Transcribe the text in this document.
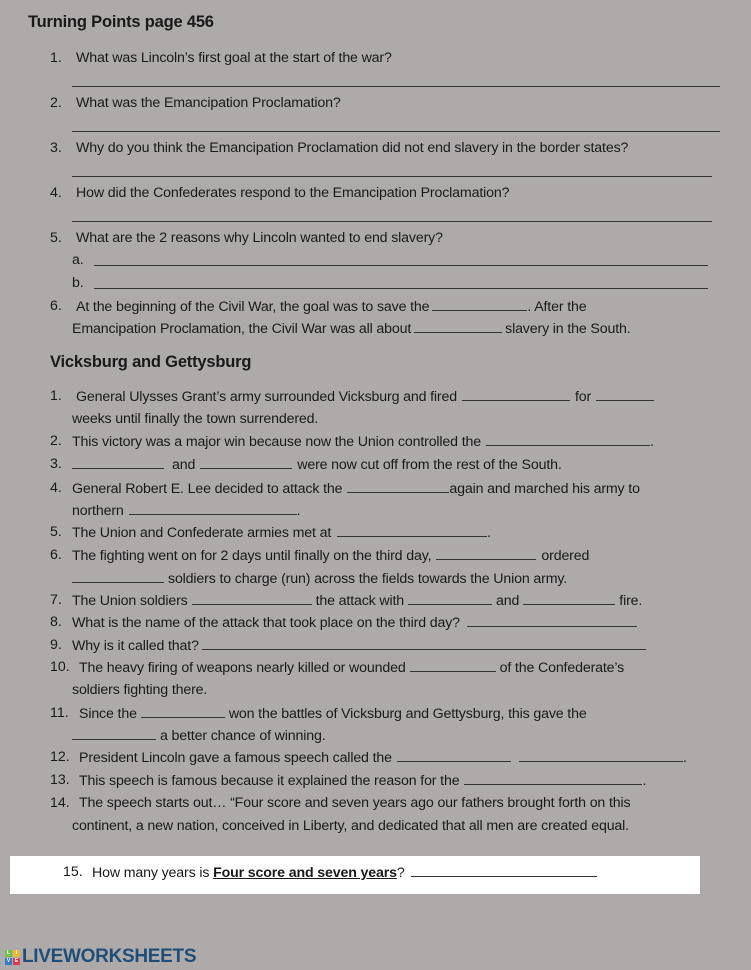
Turning Points page 456
1. What was Lincoln’s first goal at the start of the war?
2. What was the Emancipation Proclamation?
3. Why do you think the Emancipation Proclamation did not end slavery in the border states?
4. How did the Confederates respond to the Emancipation Proclamation?
5. What are the 2 reasons why Lincoln wanted to end slavery?
a.
b.
6. At the beginning of the Civil War, the goal was to save the	. After the
Emancipation Proclamation, the Civil War was all about	slavery in the South.
Vicksburg and Gettysburg
1. General Ulysses Grant’s army surrounded Vicksburg and fired	for
weeks until finally the town surrendered.
2. This victory was a major win because now the Union controlled the	.
3.	and	were now cut off from the rest of the South.
4. General Robert E. Lee decided to attack the	again and marched his army to
northern	.
5. The Union and Confederate armies met at	.
6. The fighting went on for 2 days until finally on the third day,	ordered
soldiers to charge (run) across the fields towards the Union army.
7. The Union soldiers	the attack with	and	fire.
8. What is the name of the attack that took place on the third day?
9. Why is it called that?
10. The heavy firing of weapons nearly killed or wounded	of the Confederate’s
soldiers fighting there.
11. Since the	won the battles of Vicksburg and Gettysburg, this gave the
a better chance of winning.
12. President Lincoln gave a famous speech called the	.
13. This speech is famous because it explained the reason for the	.
14. The speech starts out… “Four score and seven years ago our fathers brought forth on this
continent, a new nation, conceived in Liberty, and dedicated that all men are created equal.
15. How many years is Four score and seven years?
L	I
V E LIVEWORKSHEETS
